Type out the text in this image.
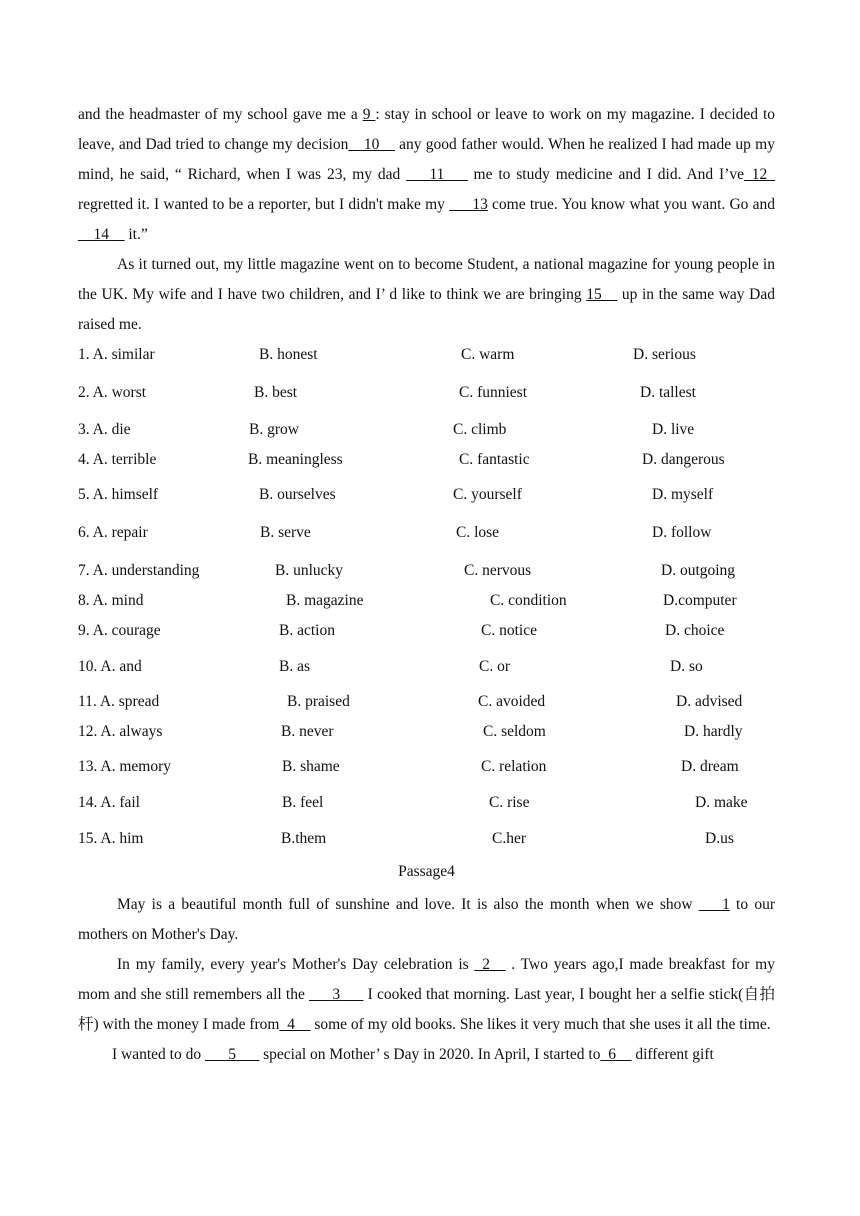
and the headmaster of my school gave me a 9 : stay in school or leave to work on my magazine. I decided to leave, and Dad tried to change my decision__10__ any good father would. When he realized I had made up my mind, he said, “ Richard, when I was 23, my dad ___11___ me to study medicine and I did. And I’ve_12_ regretted it. I wanted to be a reporter, but I didn't make my ___13 come true. You know what you want. Go and __14__ it.”

As it turned out, my little magazine went on to become Student, a national magazine for young people in the UK. My wife and I have two children, and I’ d like to think we are bringing 15__ up in the same way Dad raised me.

1. A. similar	B. honest	C. warm	D. serious
2. A. worst	B. best	C. funniest	D. tallest
3. A. die	B. grow	C. climb	D. live
4. A. terrible	B. meaningless	C. fantastic	D. dangerous
5. A. himself	B. ourselves	C. yourself	D. myself
6. A. repair	B. serve	C. lose	D. follow
7. A. understanding	B. unlucky	C. nervous	D. outgoing
8. A. mind	B. magazine	C. condition	D.computer
9. A. courage	B. action	C. notice	D. choice
10. A. and	B. as	C. or	D. so
11. A. spread	B. praised	C. avoided	D. advised
12. A. always	B. never	C. seldom	D. hardly
13. A. memory	B. shame	C. relation	D. dream
14. A. fail	B. feel	C. rise	D. make
15. A. him	B.them	C.her	D.us

Passage4

May is a beautiful month full of sunshine and love. It is also the month when we show ___1 to our mothers on Mother's Day.

In my family, every year's Mother's Day celebration is _2__ . Two years ago,I made breakfast for my mom and she still remembers all the ___3___ I cooked that morning. Last year, I bought her a selfie stick(自拍杆) with the money I made from_4__ some of my old books. She likes it very much that she uses it all the time.

I wanted to do ___5___ special on Mother’ s Day in 2020. In April, I started to_6__ different gift
